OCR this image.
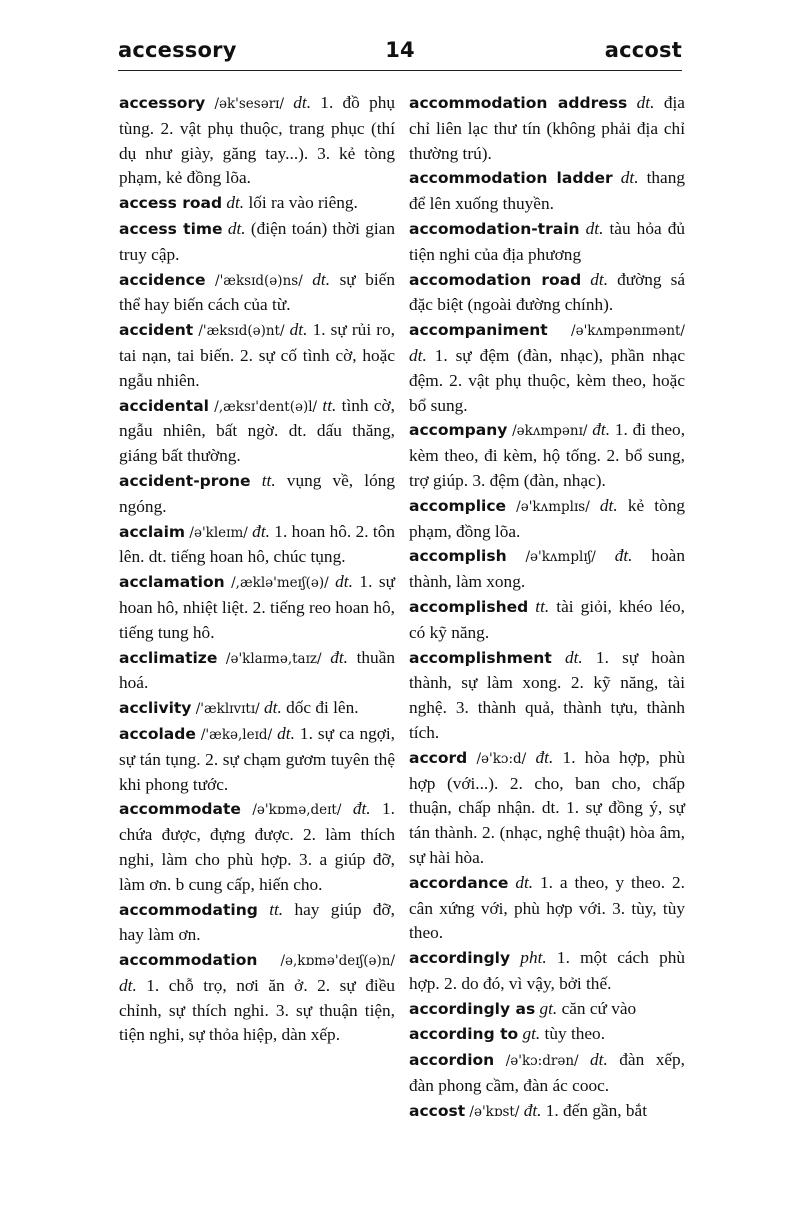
accessory	14	accost

accessory /ək'sesərɪ/ dt. 1. đồ phụ tùng. 2. vật phụ thuộc, trang phục (thí dụ như giày, găng tay...). 3. kẻ tòng phạm, kẻ đồng lõa.

access road dt. lối ra vào riêng.

access time dt. (điện toán) thời gian truy cập.

accidence /'æksɪd(ə)ns/ dt. sự biến thể hay biến cách của từ.

accident /'æksɪd(ə)nt/ dt. 1. sự rủi ro, tai nạn, tai biến. 2. sự cố tình cờ, hoặc ngẫu nhiên.

accidental /,æksɪ'dent(ə)l/ tt. tình cờ, ngẫu nhiên, bất ngờ. dt. dấu thăng, giáng bất thường.

accident-prone tt. vụng về, lóng ngóng.

acclaim /ə'kleɪm/ đt. 1. hoan hô. 2. tôn lên. dt. tiếng hoan hô, chúc tụng.

acclamation /,æklə'meɪʃ(ə)/ dt. 1. sự hoan hô, nhiệt liệt. 2. tiếng reo hoan hô, tiếng tung hô.

acclimatize /ə'klaɪmə,taɪz/ đt. thuần hoá.

acclivity /'æklɪvɪtɪ/ dt. dốc đi lên.

accolade /'ækə,leɪd/ dt. 1. sự ca ngợi, sự tán tụng. 2. sự chạm gươm tuyên thệ khi phong tước.

accommodate /ə'kɒmə,deɪt/ đt. 1. chứa được, đựng được. 2. làm thích nghi, làm cho phù hợp. 3. a giúp đỡ, làm ơn. b cung cấp, hiến cho.

accommodating tt. hay giúp đỡ, hay làm ơn.

accommodation /ə,kɒmə'deɪʃ(ə)n/ dt. 1. chỗ trọ, nơi ăn ở. 2. sự điều chỉnh, sự thích nghi. 3. sự thuận tiện, tiện nghi, sự thỏa hiệp, dàn xếp.

accommodation address dt. địa chỉ liên lạc thư tín (không phải địa chỉ thường trú).

accommodation ladder dt. thang để lên xuống thuyền.

accomodation-train dt. tàu hỏa đủ tiện nghi của địa phương

accomodation road dt. đường sá đặc biệt (ngoài đường chính).

accompaniment /ə'kʌmpənɪmənt/ dt. 1. sự đệm (đàn, nhạc), phần nhạc đệm. 2. vật phụ thuộc, kèm theo, hoặc bổ sung.

accompany /əkʌmpənɪ/ đt. 1. đi theo, kèm theo, đi kèm, hộ tống. 2. bổ sung, trợ giúp. 3. đệm (đàn, nhạc).

accomplice /ə'kʌmplɪs/ dt. kẻ tòng phạm, đồng lõa.

accomplish /ə'kʌmplɪʃ/ đt. hoàn thành, làm xong.

accomplished tt. tài giỏi, khéo léo, có kỹ năng.

accomplishment dt. 1. sự hoàn thành, sự làm xong. 2. kỹ năng, tài nghệ. 3. thành quả, thành tựu, thành tích.

accord /ə'kɔ:d/ đt. 1. hòa hợp, phù hợp (với...). 2. cho, ban cho, chấp thuận, chấp nhận. dt. 1. sự đồng ý, sự tán thành. 2. (nhạc, nghệ thuật) hòa âm, sự hài hòa.

accordance dt. 1. a theo, y theo. 2. cân xứng với, phù hợp với. 3. tùy, tùy theo.

accordingly pht. 1. một cách phù hợp. 2. do đó, vì vậy, bởi thế.

accordingly as gt. căn cứ vào

according to gt. tùy theo.

accordion /ə'kɔ:drən/ dt. đàn xếp, đàn phong cầm, đàn ác cooc.

accost /ə'kɒst/ đt. 1. đến gần, bắt
